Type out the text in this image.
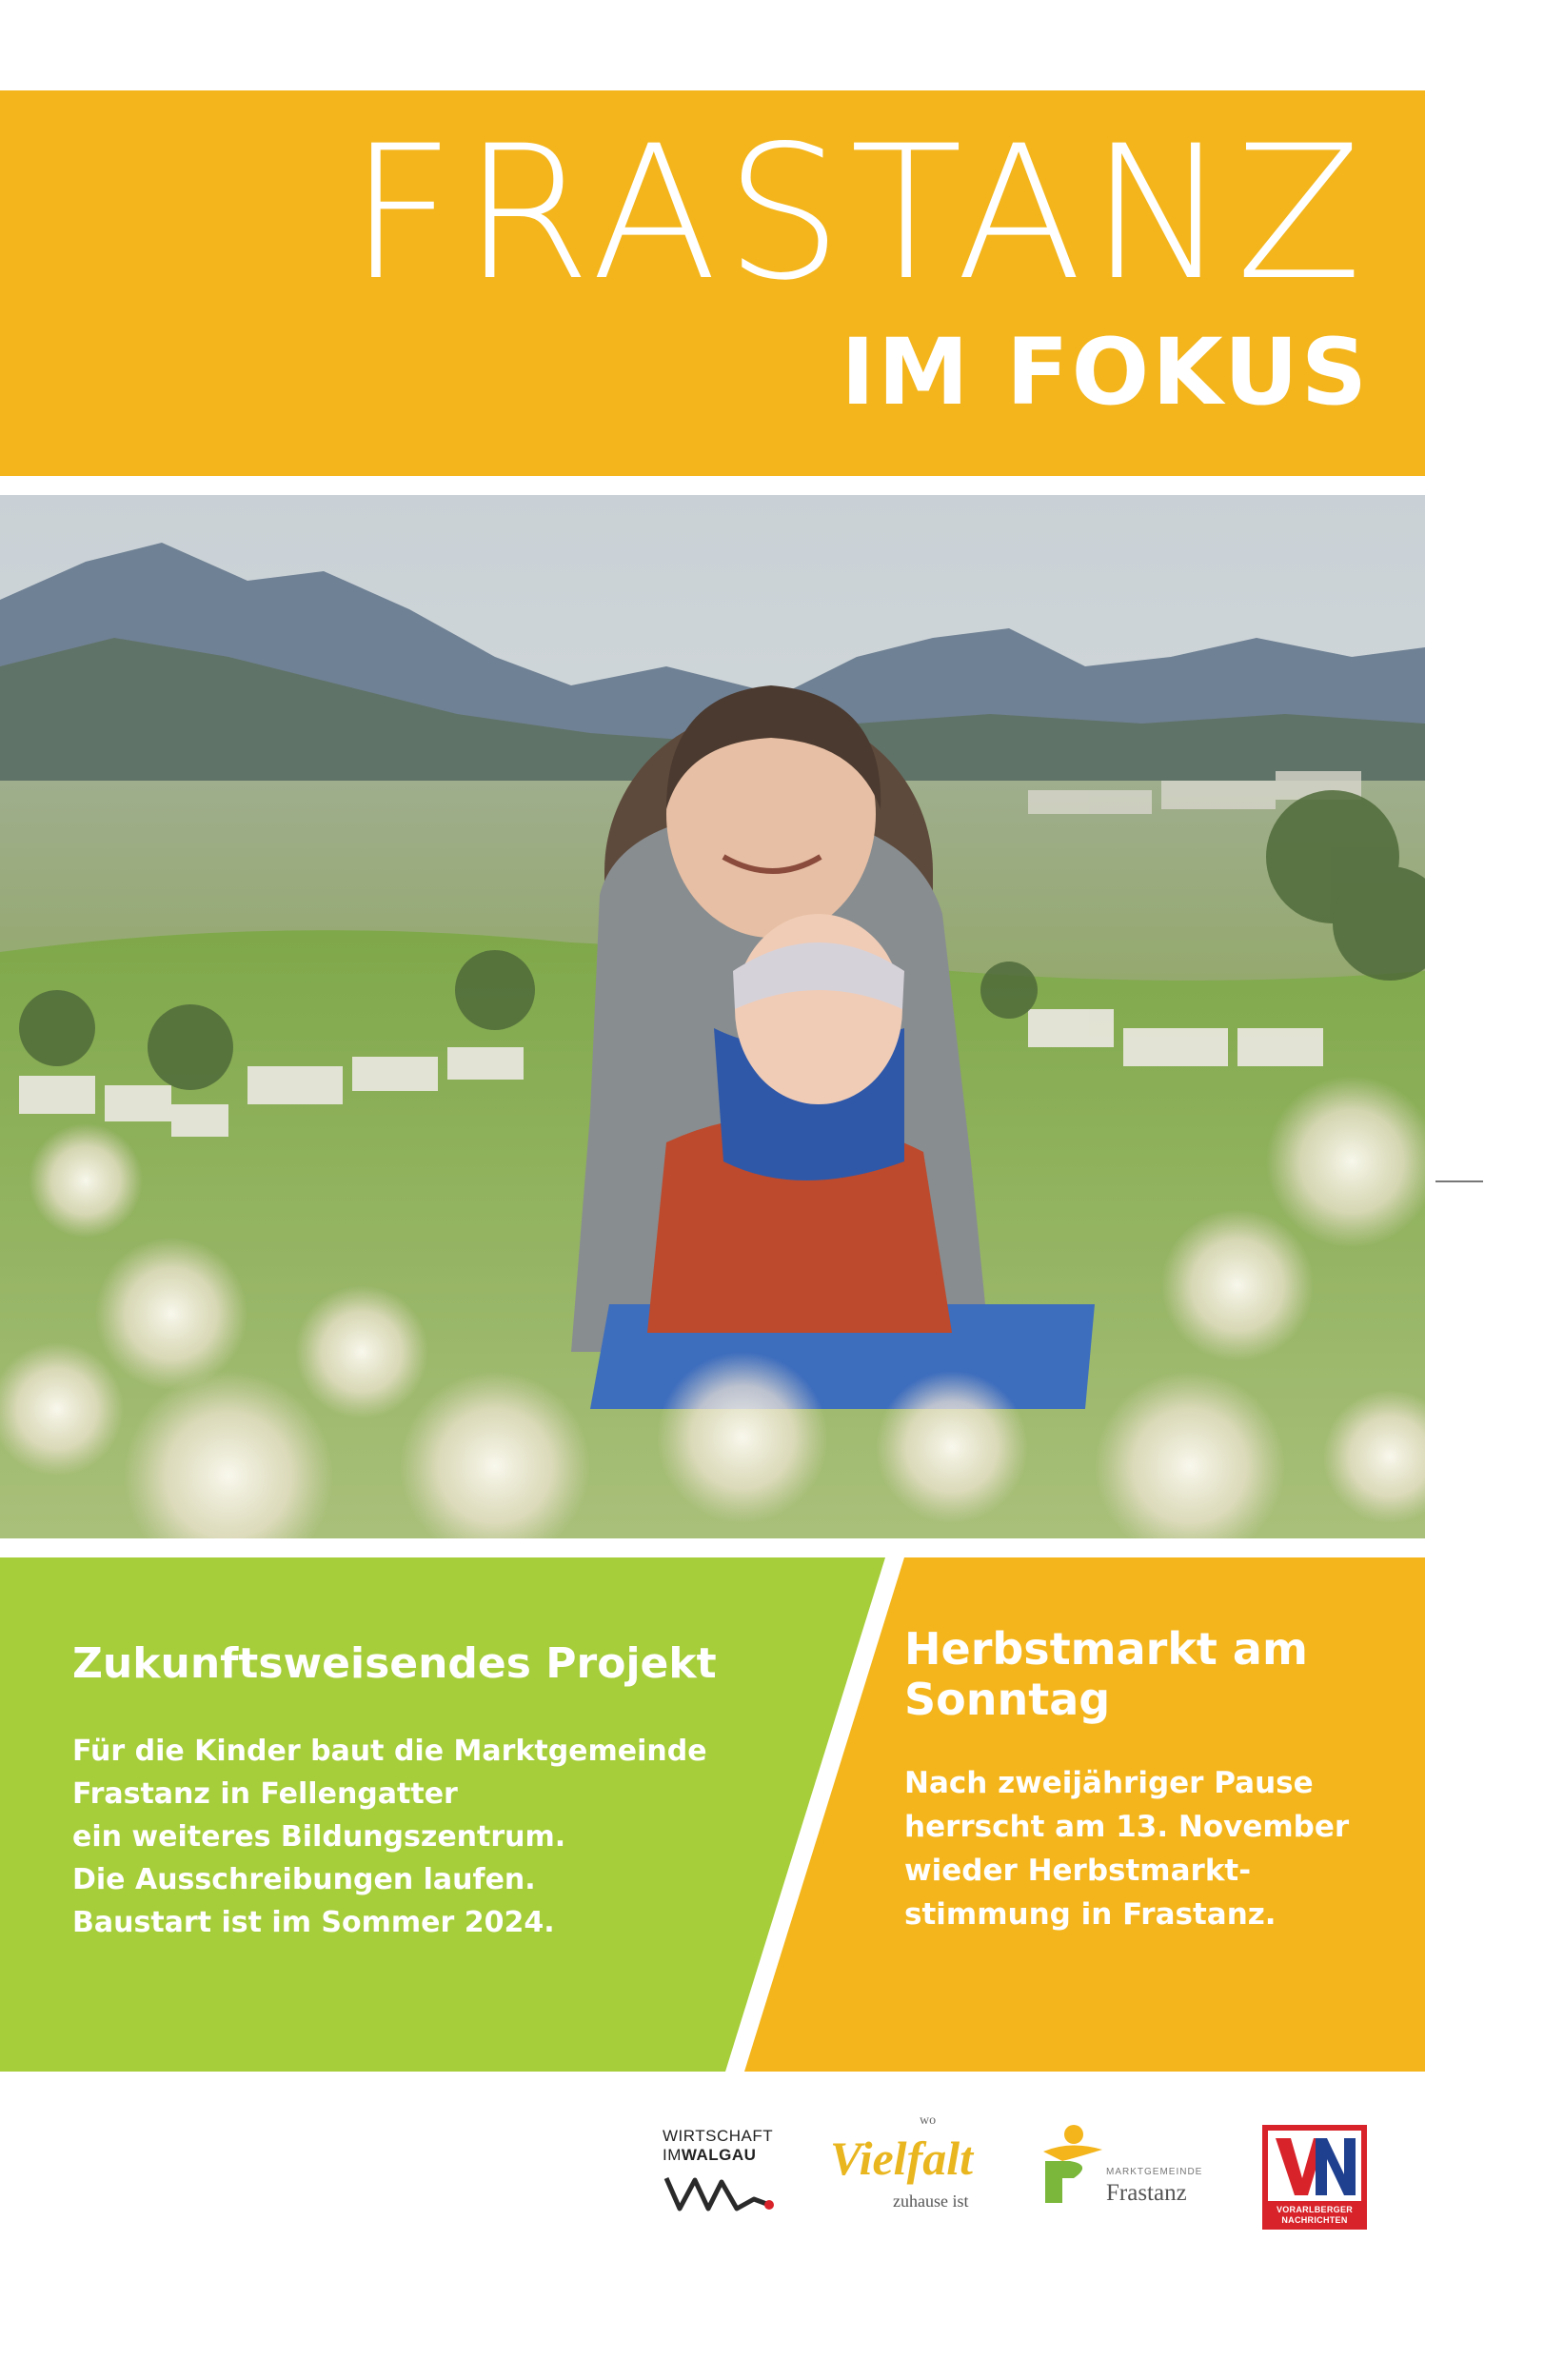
FRASTANZ
IM FOKUS
Zukunftsweisendes Projekt
Für die Kinder baut die Marktgemeinde
Frastanz in Fellengatter
ein weiteres Bildungszentrum.
Die Ausschreibungen laufen.
Baustart ist im Sommer 2024.
Herbstmarkt am Sonntag
Nach zweijähriger Pause
herrscht am 13. November
wieder Herbstmarkt-
stimmung in Frastanz.
WIRTSCHAFT
IMWALGAU
wo
Vielfalt
zuhause ist
MARKTGEMEINDE
Frastanz
VORARLBERGER NACHRICHTEN
